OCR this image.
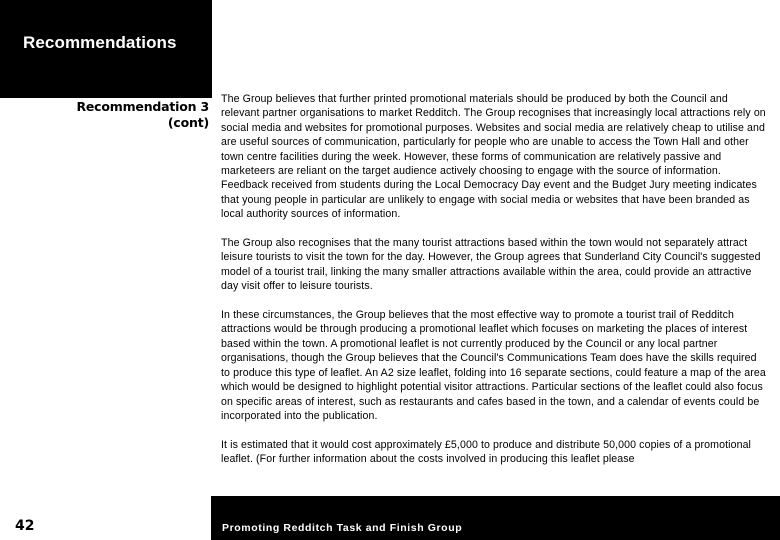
Recommendations
Recommendation 3
(cont)

The Group believes that further printed promotional materials should be produced by both the Council and relevant partner organisations to market Redditch. The Group recognises that increasingly local attractions rely on social media and websites for promotional purposes. Websites and social media are relatively cheap to utilise and are useful sources of communication, particularly for people who are unable to access the Town Hall and other town centre facilities during the week. However, these forms of communication are relatively passive and marketeers are reliant on the target audience actively choosing to engage with the source of information. Feedback received from students during the Local Democracy Day event and the Budget Jury meeting indicates that young people in particular are unlikely to engage with social media or websites that have been branded as local authority sources of information.

The Group also recognises that the many tourist attractions based within the town would not separately attract leisure tourists to visit the town for the day. However, the Group agrees that Sunderland City Council's suggested model of a tourist trail, linking the many smaller attractions available within the area, could provide an attractive day visit offer to leisure tourists.

In these circumstances, the Group believes that the most effective way to promote a tourist trail of Redditch attractions would be through producing a promotional leaflet which focuses on marketing the places of interest based within the town. A promotional leaflet is not currently produced by the Council or any local partner organisations, though the Group believes that the Council's Communications Team does have the skills required to produce this type of leaflet. An A2 size leaflet, folding into 16 separate sections, could feature a map of the area which would be designed to highlight potential visitor attractions. Particular sections of the leaflet could also focus on specific areas of interest, such as restaurants and cafes based in the town, and a calendar of events could be incorporated into the publication.

It is estimated that it would cost approximately £5,000 to produce and distribute 50,000 copies of a promotional leaflet. (For further information about the costs involved in producing this leaflet please

42	Promoting Redditch Task and Finish Group
